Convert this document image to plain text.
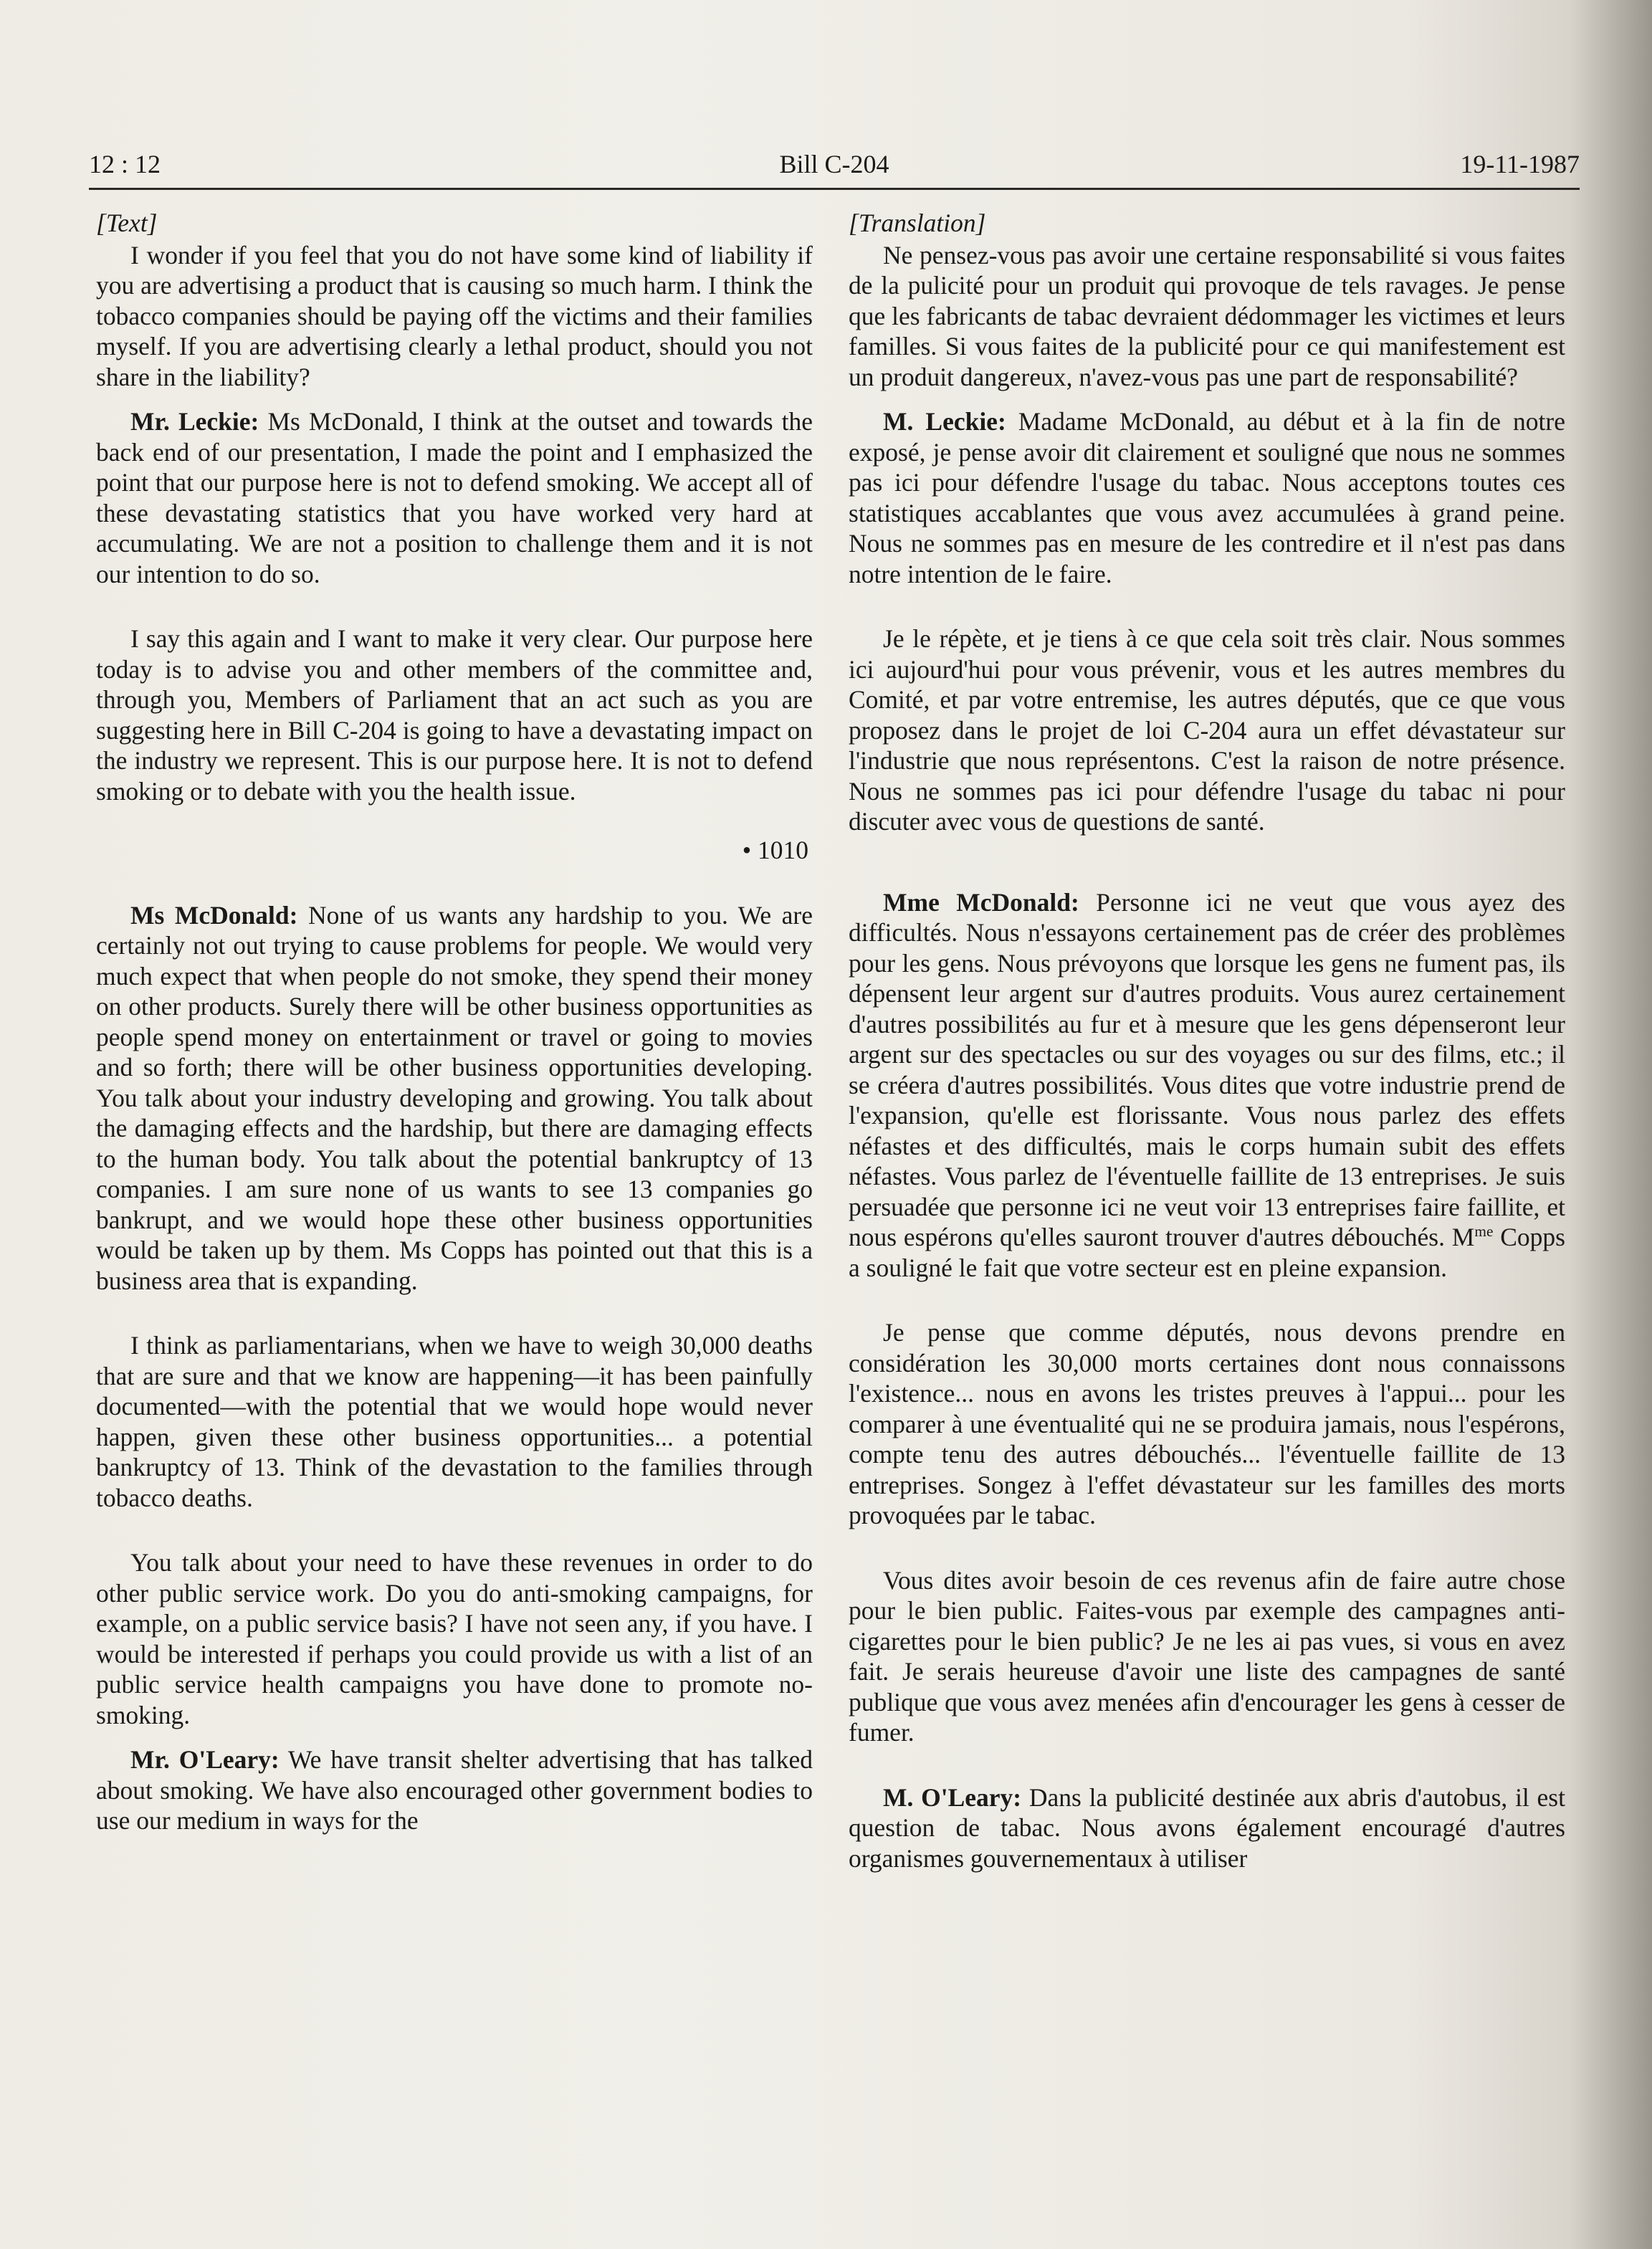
12 : 12	Bill C-204	19-11-1987

[Text]

I wonder if you feel that you do not have some kind of liability if you are advertising a product that is causing so much harm. I think the tobacco companies should be paying off the victims and their families myself. If you are advertising clearly a lethal product, should you not share in the liability?

Mr. Leckie: Ms McDonald, I think at the outset and towards the back end of our presentation, I made the point and I emphasized the point that our purpose here is not to defend smoking. We accept all of these devastating statistics that you have worked very hard at accumulating. We are not a position to challenge them and it is not our intention to do so.

I say this again and I want to make it very clear. Our purpose here today is to advise you and other members of the committee and, through you, Members of Parliament that an act such as you are suggesting here in Bill C-204 is going to have a devastating impact on the industry we represent. This is our purpose here. It is not to defend smoking or to debate with you the health issue.

• 1010

Ms McDonald: None of us wants any hardship to you. We are certainly not out trying to cause problems for people. We would very much expect that when people do not smoke, they spend their money on other products. Surely there will be other business opportunities as people spend money on entertainment or travel or going to movies and so forth; there will be other business opportunities developing. You talk about your industry developing and growing. You talk about the damaging effects and the hardship, but there are damaging effects to the human body. You talk about the potential bankruptcy of 13 companies. I am sure none of us wants to see 13 companies go bankrupt, and we would hope these other business opportunities would be taken up by them. Ms Copps has pointed out that this is a business area that is expanding.

I think as parliamentarians, when we have to weigh 30,000 deaths that are sure and that we know are happening—it has been painfully documented—with the potential that we would hope would never happen, given these other business opportunities... a potential bankruptcy of 13. Think of the devastation to the families through tobacco deaths.

You talk about your need to have these revenues in order to do other public service work. Do you do anti-smoking campaigns, for example, on a public service basis? I have not seen any, if you have. I would be interested if perhaps you could provide us with a list of an public service health campaigns you have done to promote no-smoking.

Mr. O'Leary: We have transit shelter advertising that has talked about smoking. We have also encouraged other government bodies to use our medium in ways for the

[Translation]

Ne pensez-vous pas avoir une certaine responsabilité si vous faites de la pulicité pour un produit qui provoque de tels ravages. Je pense que les fabricants de tabac devraient dédommager les victimes et leurs familles. Si vous faites de la publicité pour ce qui manifestement est un produit dangereux, n'avez-vous pas une part de responsabilité?

M. Leckie: Madame McDonald, au début et à la fin de notre exposé, je pense avoir dit clairement et souligné que nous ne sommes pas ici pour défendre l'usage du tabac. Nous acceptons toutes ces statistiques accablantes que vous avez accumulées à grand peine. Nous ne sommes pas en mesure de les contredire et il n'est pas dans notre intention de le faire.

Je le répète, et je tiens à ce que cela soit très clair. Nous sommes ici aujourd'hui pour vous prévenir, vous et les autres membres du Comité, et par votre entremise, les autres députés, que ce que vous proposez dans le projet de loi C-204 aura un effet dévastateur sur l'industrie que nous représentons. C'est la raison de notre présence. Nous ne sommes pas ici pour défendre l'usage du tabac ni pour discuter avec vous de questions de santé.

Mme McDonald: Personne ici ne veut que vous ayez des difficultés. Nous n'essayons certainement pas de créer des problèmes pour les gens. Nous prévoyons que lorsque les gens ne fument pas, ils dépensent leur argent sur d'autres produits. Vous aurez certainement d'autres possibilités au fur et à mesure que les gens dépenseront leur argent sur des spectacles ou sur des voyages ou sur des films, etc.; il se créera d'autres possibilités. Vous dites que votre industrie prend de l'expansion, qu'elle est florissante. Vous nous parlez des effets néfastes et des difficultés, mais le corps humain subit des effets néfastes. Vous parlez de l'éventuelle faillite de 13 entreprises. Je suis persuadée que personne ici ne veut voir 13 entreprises faire faillite, et nous espérons qu'elles sauront trouver d'autres débouchés. $M^{me}$ Copps a souligné le fait que votre secteur est en pleine expansion.

Je pense que comme députés, nous devons prendre en considération les 30,000 morts certaines dont nous connaissons l'existence... nous en avons les tristes preuves à l'appui... pour les comparer à une éventualité qui ne se produira jamais, nous l'espérons, compte tenu des autres débouchés... l'éventuelle faillite de 13 entreprises. Songez à l'effet dévastateur sur les familles des morts provoquées par le tabac.

Vous dites avoir besoin de ces revenus afin de faire autre chose pour le bien public. Faites-vous par exemple des campagnes anti-cigarettes pour le bien public? Je ne les ai pas vues, si vous en avez fait. Je serais heureuse d'avoir une liste des campagnes de santé publique que vous avez menées afin d'encourager les gens à cesser de fumer.

M. O'Leary: Dans la publicité destinée aux abris d'autobus, il est question de tabac. Nous avons également encouragé d'autres organismes gouvernementaux à utiliser
